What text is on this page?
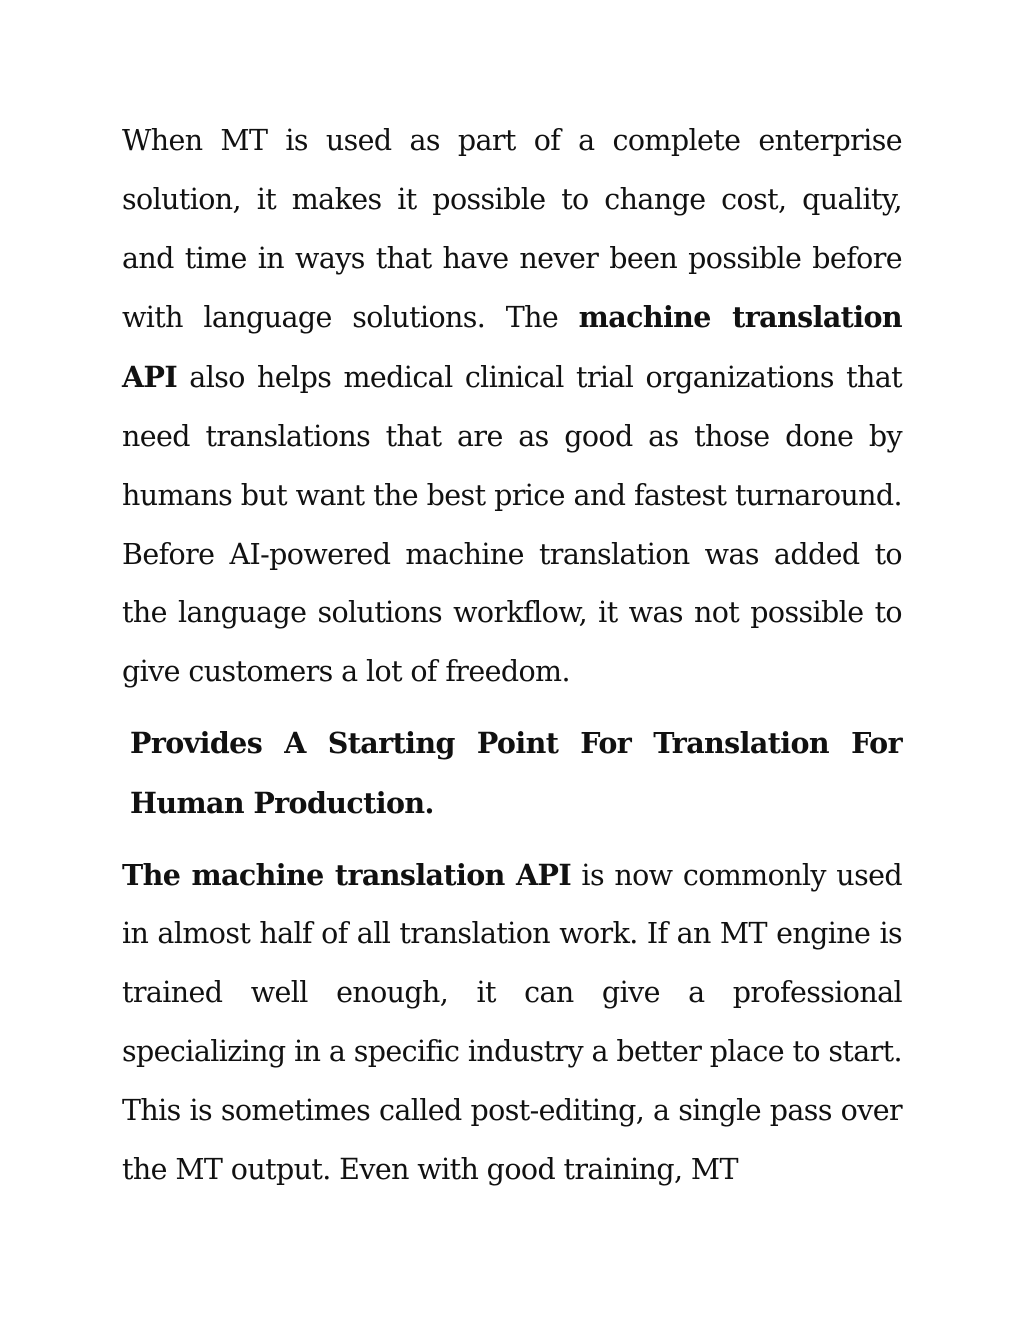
When MT is used as part of a complete enterprise solution, it makes it possible to change cost, quality, and time in ways that have never been possible before with language solutions. The machine translation API also helps medical clinical trial organizations that need translations that are as good as those done by humans but want the best price and fastest turnaround. Before AI-powered machine translation was added to the language solutions workflow, it was not possible to give customers a lot of freedom.

Provides A Starting Point For Translation For Human Production.

The machine translation API is now commonly used in almost half of all translation work. If an MT engine is trained well enough, it can give a professional specializing in a specific industry a better place to start. This is sometimes called post-editing, a single pass over the MT output. Even with good training, MT
